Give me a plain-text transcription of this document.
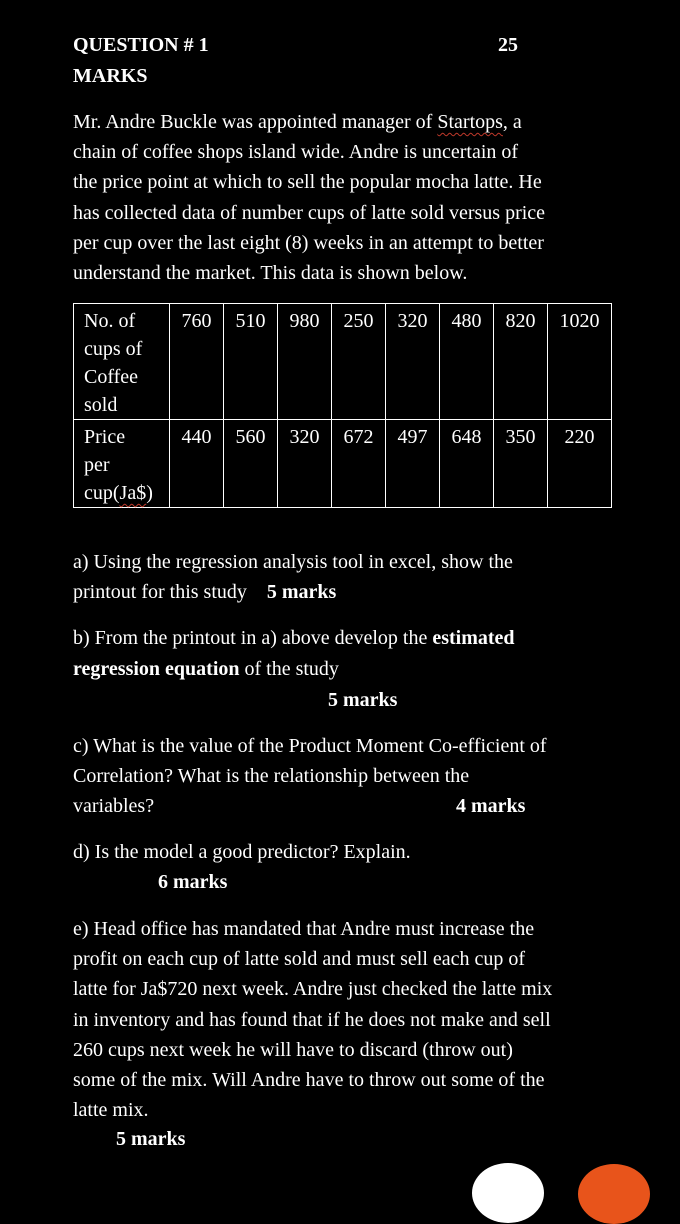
QUESTION # 1	25
MARKS
Mr. Andre Buckle was appointed manager of Startops, a
chain of coffee shops island wide. Andre is uncertain of
the price point at which to sell the popular mocha latte. He
has collected data of number cups of latte sold versus price
per cup over the last eight (8) weeks in an attempt to better
understand the market. This data is shown below.
No. of
cups of
Coffee
sold	760	510	980	250	320	480	820	1020

Price
per
cup(Ja$)	440	560	320	672	497	648	350	220
a) Using the regression analysis tool in excel, show the
printout for this study 5 marks
b) From the printout in a) above develop the estimated
regression equation of the study
5 marks
c) What is the value of the Product Moment Co-efficient of
Correlation? What is the relationship between the
variables?	4 marks
d) Is the model a good predictor? Explain.
6 marks
e) Head office has mandated that Andre must increase the
profit on each cup of latte sold and must sell each cup of
latte for Ja$720 next week. Andre just checked the latte mix
in inventory and has found that if he does not make and sell
260 cups next week he will have to discard (throw out)
some of the mix. Will Andre have to throw out some of the
latte mix.
5 marks
